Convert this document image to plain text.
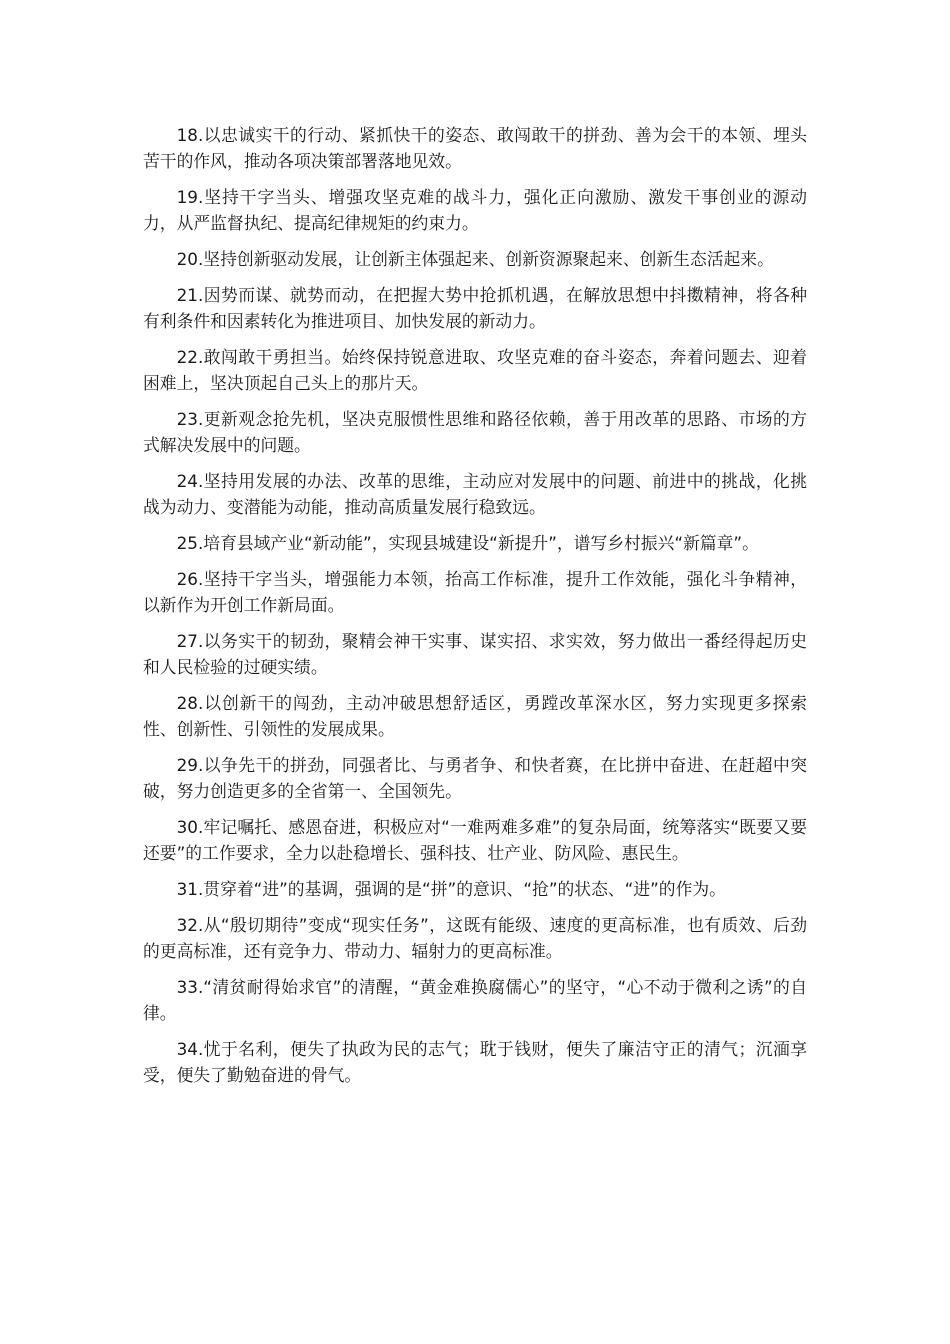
18.以忠诚实干的行动、紧抓快干的姿态、敢闯敢干的拼劲、善为会干的本领、埋头苦干的作风，推动各项决策部署落地见效。

19.坚持干字当头、增强攻坚克难的战斗力，强化正向激励、激发干事创业的源动力，从严监督执纪、提高纪律规矩的约束力。

20.坚持创新驱动发展，让创新主体强起来、创新资源聚起来、创新生态活起来。

21.因势而谋、就势而动，在把握大势中抢抓机遇，在解放思想中抖擞精神，将各种有利条件和因素转化为推进项目、加快发展的新动力。

22.敢闯敢干勇担当。始终保持锐意进取、攻坚克难的奋斗姿态，奔着问题去、迎着困难上，坚决顶起自己头上的那片天。

23.更新观念抢先机，坚决克服惯性思维和路径依赖，善于用改革的思路、市场的方式解决发展中的问题。

24.坚持用发展的办法、改革的思维，主动应对发展中的问题、前进中的挑战，化挑战为动力、变潜能为动能，推动高质量发展行稳致远。

25.培育县域产业“新动能”，实现县城建设“新提升”，谱写乡村振兴“新篇章”。

26.坚持干字当头，增强能力本领，抬高工作标准，提升工作效能，强化斗争精神，以新作为开创工作新局面。

27.以务实干的韧劲，聚精会神干实事、谋实招、求实效，努力做出一番经得起历史和人民检验的过硬实绩。

28.以创新干的闯劲，主动冲破思想舒适区，勇蹚改革深水区，努力实现更多探索性、创新性、引领性的发展成果。

29.以争先干的拼劲，同强者比、与勇者争、和快者赛，在比拼中奋进、在赶超中突破，努力创造更多的全省第一、全国领先。

30.牢记嘱托、感恩奋进，积极应对“一难两难多难”的复杂局面，统筹落实“既要又要还要”的工作要求，全力以赴稳增长、强科技、壮产业、防风险、惠民生。

31.贯穿着“进”的基调，强调的是“拼”的意识、“抢”的状态、“进”的作为。

32.从“殷切期待”变成“现实任务”，这既有能级、速度的更高标准，也有质效、后劲的更高标准，还有竞争力、带动力、辐射力的更高标准。

33.“清贫耐得始求官”的清醒，“黄金难换腐儒心”的坚守，“心不动于微利之诱”的自律。

34.忧于名利，便失了执政为民的志气；耽于钱财，便失了廉洁守正的清气；沉湎享受，便失了勤勉奋进的骨气。
